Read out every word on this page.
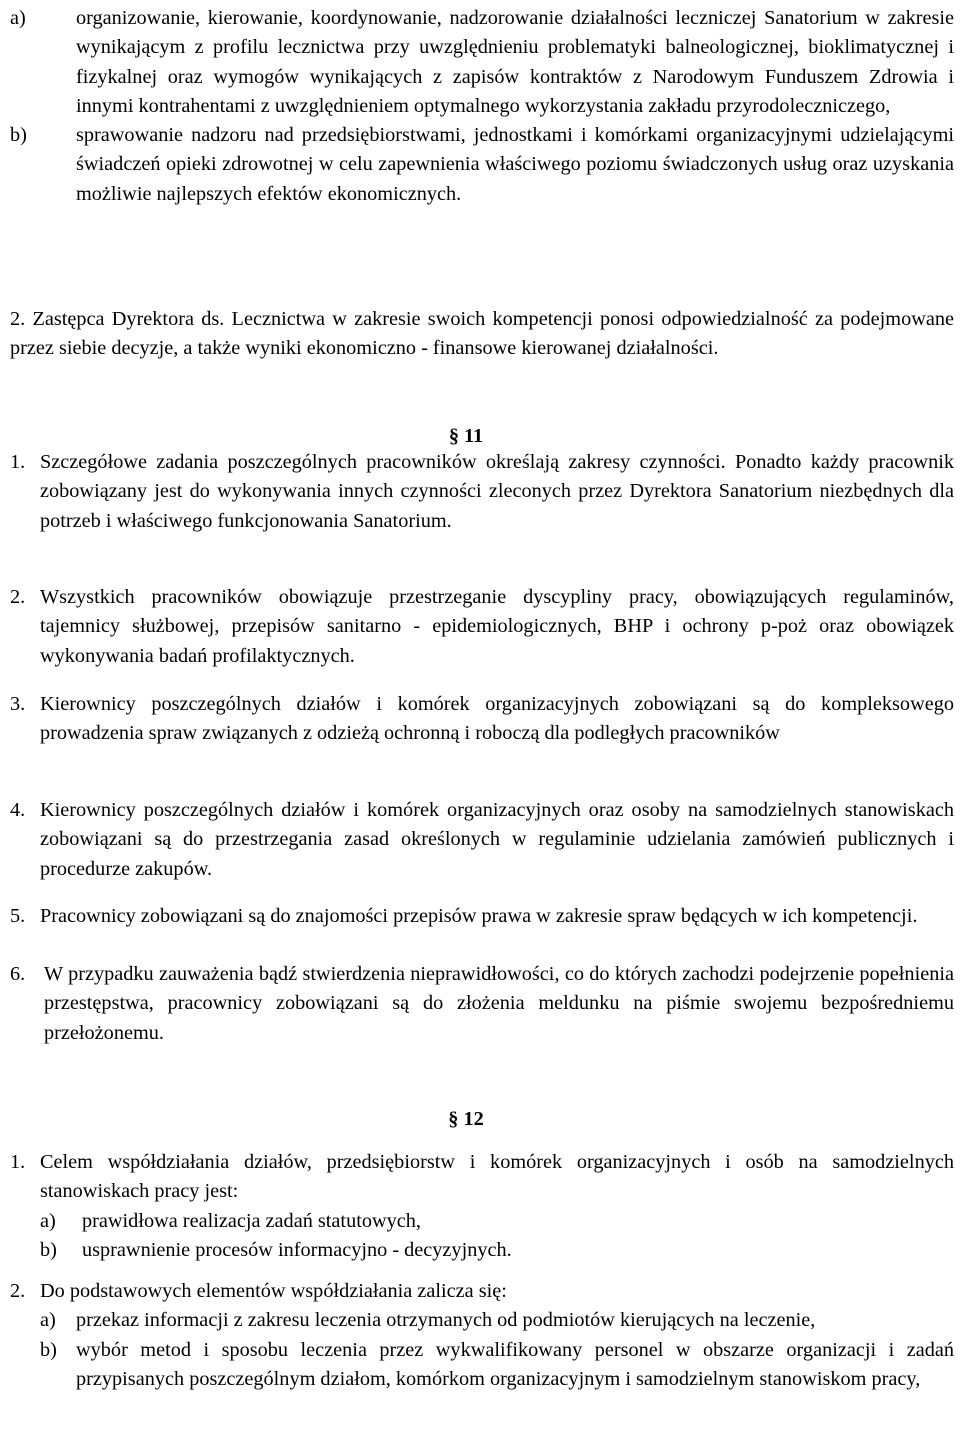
a)	organizowanie, kierowanie, koordynowanie, nadzorowanie działalności leczniczej Sanatorium w zakresie wynikającym z profilu lecznictwa przy uwzględnieniu problematyki balneologicznej, bioklimatycznej i fizykalnej oraz wymogów wynikających z zapisów kontraktów z Narodowym Funduszem Zdrowia i innymi kontrahentami z uwzględnieniem optymalnego wykorzystania zakładu przyrodoleczniczego,
b)	sprawowanie nadzoru nad przedsiębiorstwami, jednostkami i komórkami organizacyjnymi udzielającymi świadczeń opieki zdrowotnej w celu zapewnienia właściwego poziomu świadczonych usług oraz uzyskania możliwie najlepszych efektów ekonomicznych.

2. Zastępca Dyrektora ds. Lecznictwa w zakresie swoich kompetencji ponosi odpowiedzialność za podejmowane przez siebie decyzje, a także wyniki ekonomiczno - finansowe kierowanej działalności.

§ 11
1. Szczegółowe zadania poszczególnych pracowników określają zakresy czynności. Ponadto każdy pracownik zobowiązany jest do wykonywania innych czynności zleconych przez Dyrektora Sanatorium niezbędnych dla potrzeb i właściwego funkcjonowania Sanatorium.
2. Wszystkich pracowników obowiązuje przestrzeganie dyscypliny pracy, obowiązujących regulaminów, tajemnicy służbowej, przepisów sanitarno - epidemiologicznych, BHP i ochrony p-poż oraz obowiązek wykonywania badań profilaktycznych.
3. Kierownicy poszczególnych działów i komórek organizacyjnych zobowiązani są do kompleksowego prowadzenia spraw związanych z odzieżą ochronną i roboczą dla podległych pracowników
4. Kierownicy poszczególnych działów i komórek organizacyjnych oraz osoby na samodzielnych stanowiskach zobowiązani są do przestrzegania zasad określonych w regulaminie udzielania zamówień publicznych i procedurze zakupów.
5. Pracownicy zobowiązani są do znajomości przepisów prawa w zakresie spraw będących w ich kompetencji.
6. W przypadku zauważenia bądź stwierdzenia nieprawidłowości, co do których zachodzi podejrzenie popełnienia przestępstwa, pracownicy zobowiązani są do złożenia meldunku na piśmie swojemu bezpośredniemu przełożonemu.
§ 12
1. Celem współdziałania działów, przedsiębiorstw i komórek organizacyjnych i osób na samodzielnych stanowiskach pracy jest:
a)	prawidłowa realizacja zadań statutowych,
b)	usprawnienie procesów informacyjno - decyzyjnych.
2. Do podstawowych elementów współdziałania zalicza się:
a) przekaz informacji z zakresu leczenia otrzymanych od podmiotów kierujących na leczenie,
b) wybór metod i sposobu leczenia przez wykwalifikowany personel w obszarze organizacji i zadań przypisanych poszczególnym działom, komórkom organizacyjnym i samodzielnym stanowiskom pracy,
